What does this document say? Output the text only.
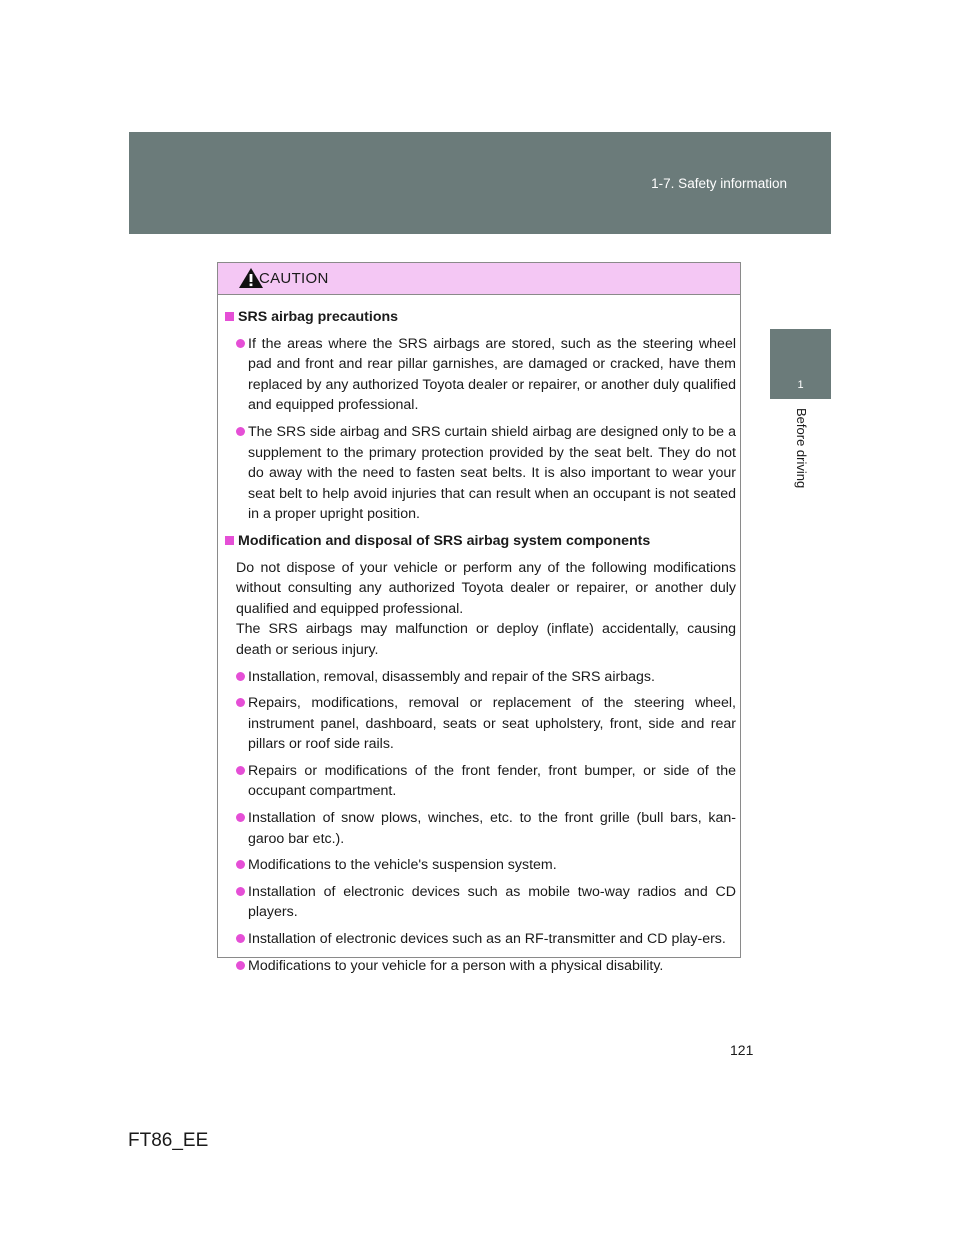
1-7. Safety information
1
Before driving
CAUTION
SRS airbag precautions
If the areas where the SRS airbags are stored, such as the steering wheel pad and front and rear pillar garnishes, are damaged or cracked, have them replaced by any authorized Toyota dealer or repairer, or another duly qualified and equipped professional.
The SRS side airbag and SRS curtain shield airbag are designed only to be a supplement to the primary protection provided by the seat belt. They do not do away with the need to fasten seat belts. It is also important to wear your seat belt to help avoid injuries that can result when an occupant is not seated in a proper upright position.
Modification and disposal of SRS airbag system components
Do not dispose of your vehicle or perform any of the following modifications without consulting any authorized Toyota dealer or repairer, or another duly qualified and equipped professional.
The SRS airbags may malfunction or deploy (inflate) accidentally, causing death or serious injury.
Installation, removal, disassembly and repair of the SRS airbags.
Repairs, modifications, removal or replacement of the steering wheel, instrument panel, dashboard, seats or seat upholstery, front, side and rear pillars or roof side rails.
Repairs or modifications of the front fender, front bumper, or side of the occupant compartment.
Installation of snow plows, winches, etc. to the front grille (bull bars, kan-garoo bar etc.).
Modifications to the vehicle's suspension system.
Installation of electronic devices such as mobile two-way radios and CD players.
Installation of electronic devices such as an RF-transmitter and CD play-ers.
Modifications to your vehicle for a person with a physical disability.
121
FT86_EE
